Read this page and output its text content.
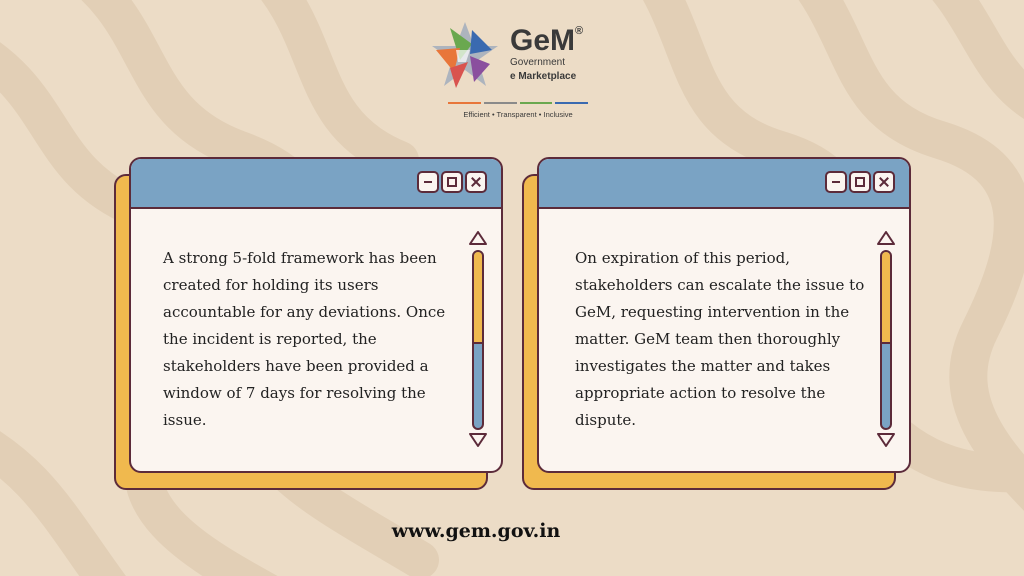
GeM®
Government
e Marketplace
Efficient • Transparent • Inclusive
A strong 5-fold framework has been
created for holding its users
accountable for any deviations. Once
the incident is reported, the
stakeholders have been provided a
window of 7 days for resolving the
issue.
On expiration of this period,
stakeholders can escalate the issue to
GeM, requesting intervention in the
matter. GeM team then thoroughly
investigates the matter and takes
appropriate action to resolve the
dispute.
www.gem.gov.in
